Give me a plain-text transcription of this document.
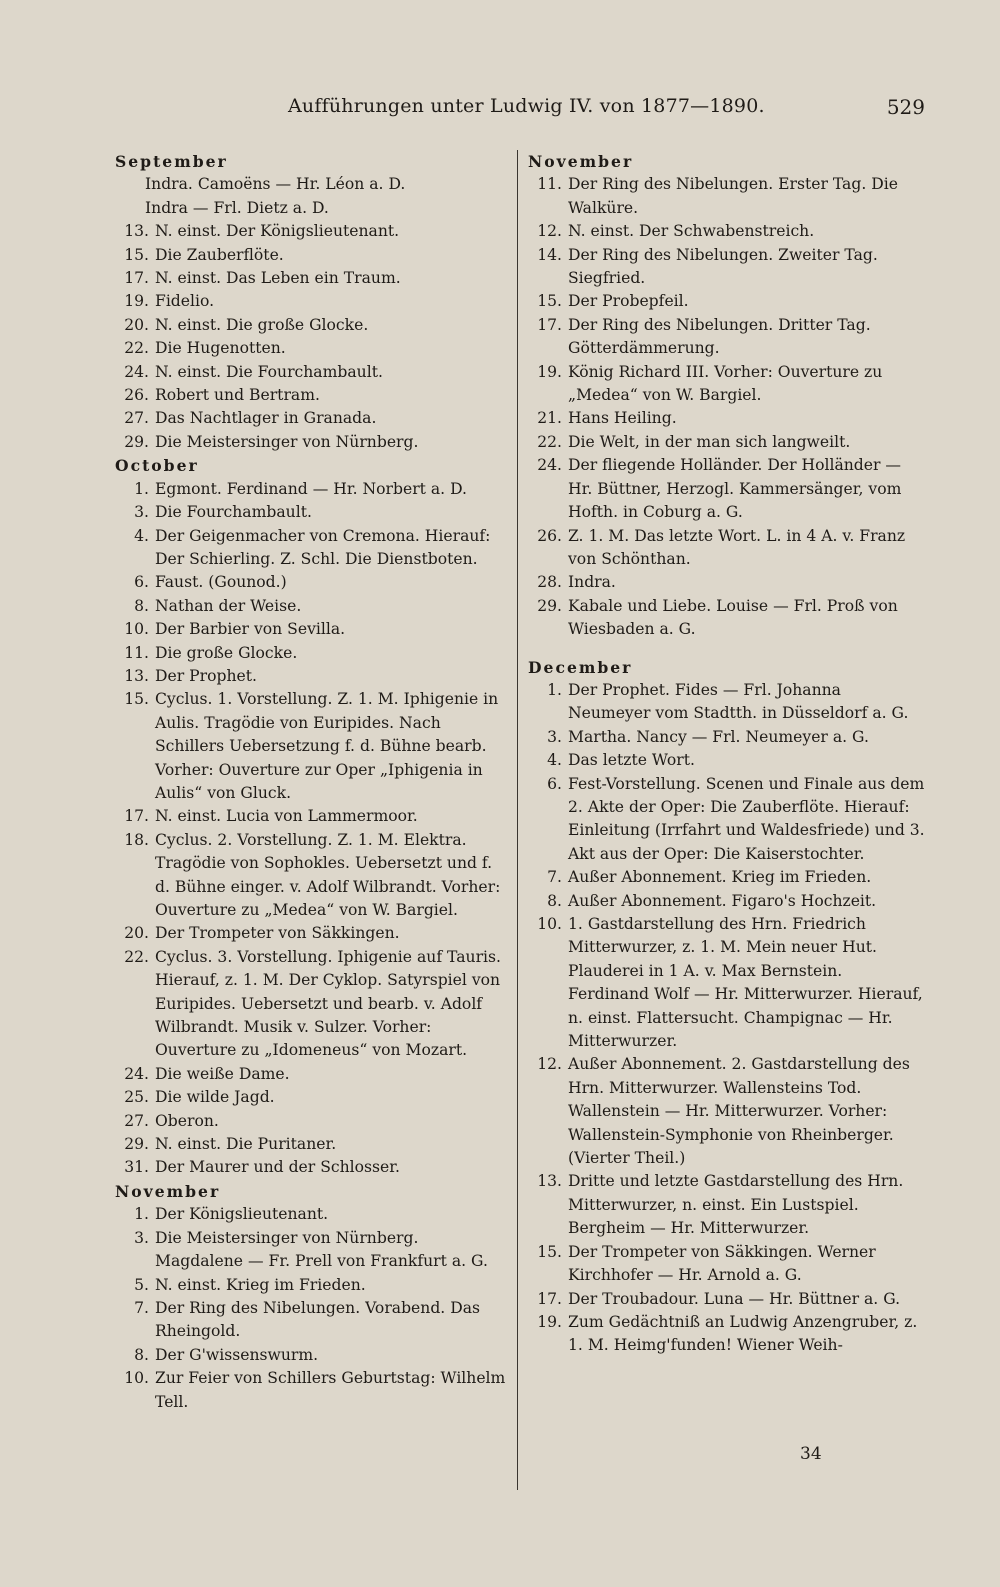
Aufführungen unter Ludwig IV. von 1877—1890.	529
September
Indra. Camoëns — Hr. Léon a. D.
Indra — Frl. Dietz a. D.
13. N. einst. Der Königslieutenant.
15. Die Zauberflöte.
17. N. einst. Das Leben ein Traum.
19. Fidelio.
20. N. einst. Die große Glocke.
22. Die Hugenotten.
24. N. einst. Die Fourchambault.
26. Robert und Bertram.
27. Das Nachtlager in Granada.
29. Die Meistersinger von Nürnberg.
October
1. Egmont. Ferdinand — Hr. Norbert a. D.
3. Die Fourchambault.
4. Der Geigenmacher von Cremona. Hierauf: Der Schierling. Z. Schl. Die Dienstboten.
6. Faust. (Gounod.)
8. Nathan der Weise.
10. Der Barbier von Sevilla.
11. Die große Glocke.
13. Der Prophet.
15. Cyclus. 1. Vorstellung. Z. 1. M. Iphigenie in Aulis. Tragödie von Euripides. Nach Schillers Uebersetzung f. d. Bühne bearb. Vorher: Ouverture zur Oper „Iphigenia in Aulis“ von Gluck.
17. N. einst. Lucia von Lammermoor.
18. Cyclus. 2. Vorstellung. Z. 1. M. Elektra. Tragödie von Sophokles. Uebersetzt und f. d. Bühne einger. v. Adolf Wilbrandt. Vorher: Ouverture zu „Medea“ von W. Bargiel.
20. Der Trompeter von Säkkingen.
22. Cyclus. 3. Vorstellung. Iphigenie auf Tauris. Hierauf, z. 1. M. Der Cyklop. Satyrspiel von Euripides. Uebersetzt und bearb. v. Adolf Wilbrandt. Musik v. Sulzer. Vorher: Ouverture zu „Idomeneus“ von Mozart.
24. Die weiße Dame.
25. Die wilde Jagd.
27. Oberon.
29. N. einst. Die Puritaner.
31. Der Maurer und der Schlosser.
November
1. Der Königslieutenant.
3. Die Meistersinger von Nürnberg. Magdalene — Fr. Prell von Frankfurt a. G.
5. N. einst. Krieg im Frieden.
7. Der Ring des Nibelungen. Vorabend. Das Rheingold.
8. Der G'wissenswurm.
10. Zur Feier von Schillers Geburtstag: Wilhelm Tell.
November
11. Der Ring des Nibelungen. Erster Tag. Die Walküre.
12. N. einst. Der Schwabenstreich.
14. Der Ring des Nibelungen. Zweiter Tag. Siegfried.
15. Der Probepfeil.
17. Der Ring des Nibelungen. Dritter Tag. Götterdämmerung.
19. König Richard III. Vorher: Ouverture zu „Medea“ von W. Bargiel.
21. Hans Heiling.
22. Die Welt, in der man sich langweilt.
24. Der fliegende Holländer. Der Holländer — Hr. Büttner, Herzogl. Kammersänger, vom Hofth. in Coburg a. G.
26. Z. 1. M. Das letzte Wort. L. in 4 A. v. Franz von Schönthan.
28. Indra.
29. Kabale und Liebe. Louise — Frl. Proß von Wiesbaden a. G.
December
1. Der Prophet. Fides — Frl. Johanna Neumeyer vom Stadtth. in Düsseldorf a. G.
3. Martha. Nancy — Frl. Neumeyer a. G.
4. Das letzte Wort.
6. Fest-Vorstellung. Scenen und Finale aus dem 2. Akte der Oper: Die Zauberflöte. Hierauf: Einleitung (Irrfahrt und Waldesfriede) und 3. Akt aus der Oper: Die Kaiserstochter.
7. Außer Abonnement. Krieg im Frieden.
8. Außer Abonnement. Figaro's Hochzeit.
10. 1. Gastdarstellung des Hrn. Friedrich Mitterwurzer, z. 1. M. Mein neuer Hut. Plauderei in 1 A. v. Max Bernstein. Ferdinand Wolf — Hr. Mitterwurzer. Hierauf, n. einst. Flattersucht. Champignac — Hr. Mitterwurzer.
12. Außer Abonnement. 2. Gastdarstellung des Hrn. Mitterwurzer. Wallensteins Tod. Wallenstein — Hr. Mitterwurzer. Vorher: Wallenstein-Symphonie von Rheinberger. (Vierter Theil.)
13. Dritte und letzte Gastdarstellung des Hrn. Mitterwurzer, n. einst. Ein Lustspiel. Bergheim — Hr. Mitterwurzer.
15. Der Trompeter von Säkkingen. Werner Kirchhofer — Hr. Arnold a. G.
17. Der Troubadour. Luna — Hr. Büttner a. G.
19. Zum Gedächtniß an Ludwig Anzengruber, z. 1. M. Heimg'funden! Wiener Weih-
34
